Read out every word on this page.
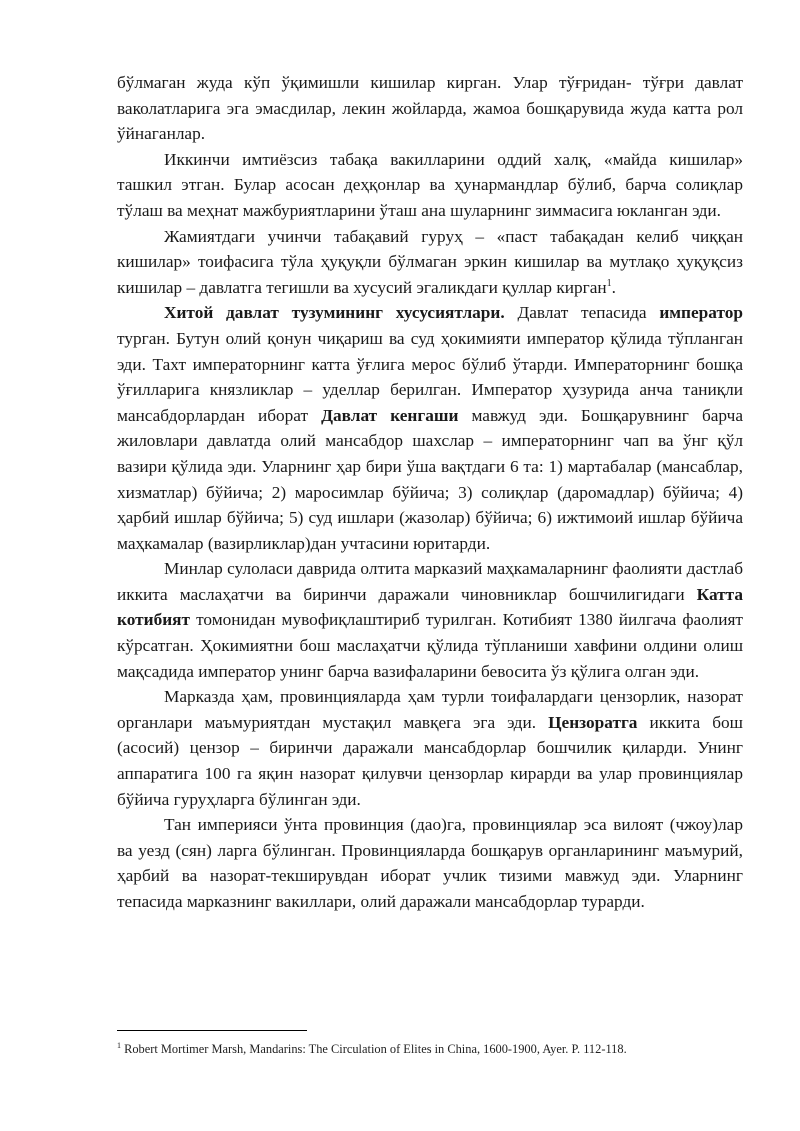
бўлмаган жуда кўп ўқимишли кишилар кирган. Улар тўғридан- тўғри давлат ваколатларига эга эмасдилар, лекин жойларда, жамоа бошқарувида жуда катта рол ўйнаганлар.

Иккинчи имтиёзсиз табақа вакилларини оддий халқ, «майда кишилар» ташкил этган. Булар асосан деҳқонлар ва ҳунармандлар бўлиб, барча солиқлар тўлаш ва меҳнат мажбуриятларини ўташ ана шуларнинг зиммасига юкланган эди.

Жамиятдаги учинчи табақавий гуруҳ – «паст табақадан келиб чиққан кишилар» тоифасига тўла ҳуқуқли бўлмаган эркин кишилар ва мутлақо ҳуқуқсиз кишилар – давлатга тегишли ва хусусий эгаликдаги қуллар кирган$^1$.

Хитой давлат тузумининг хусусиятлари. Давлат тепасида император турган. Бутун олий қонун чиқариш ва суд ҳокимияти император қўлида тўпланган эди. Тахт императорнинг катта ўғлига мерос бўлиб ўтарди. Императорнинг бошқа ўғилларига князликлар – уделлар берилган. Император ҳузурида анча таниқли мансабдорлардан иборат Давлат кенгаши мавжуд эди. Бошқарувнинг барча жиловлари давлатда олий мансабдор шахслар – императорнинг чап ва ўнг қўл вазири қўлида эди. Уларнинг ҳар бири ўша вақтдаги 6 та: 1) мартабалар (мансаблар, хизматлар) бўйича; 2) маросимлар бўйича; 3) солиқлар (даромадлар) бўйича; 4) ҳарбий ишлар бўйича; 5) суд ишлари (жазолар) бўйича; 6) ижтимоий ишлар бўйича маҳкамалар (вазирликлар)дан учтасини юритарди.

Минлар сулоласи даврида олтита марказий маҳкамаларнинг фаолияти дастлаб иккита маслаҳатчи ва биринчи даражали чиновниклар бошчилигидаги Катта котибият томонидан мувофиқлаштириб турилган. Котибият 1380 йилгача фаолият кўрсатган. Ҳокимиятни бош маслаҳатчи қўлида тўпланиши хавфини олдини олиш мақсадида император унинг барча вазифаларини бевосита ўз қўлига олган эди.

Марказда ҳам, провинцияларда ҳам турли тоифалардаги цензорлик, назорат органлари маъмуриятдан мустақил мавқега эга эди. Цензоратга иккита бош (асосий) цензор – биринчи даражали мансабдорлар бошчилик қиларди. Унинг аппаратига 100 га яқин назорат қилувчи цензорлар кирарди ва улар провинциялар бўйича гуруҳларга бўлинган эди.

Тан империяси ўнта провинция (дао)га, провинциялар эса вилоят (чжоу)лар ва уезд (сян) ларга бўлинган. Провинцияларда бошқарув органларининг маъмурий, ҳарбий ва назорат-текширувдан иборат учлик тизими мавжуд эди. Уларнинг тепасида марказнинг вакиллари, олий даражали мансабдорлар турарди.

$^1$ Robert Mortimer Marsh, Mandarins: The Circulation of Elites in China, 1600-1900, Ayer. P. 112-118.
